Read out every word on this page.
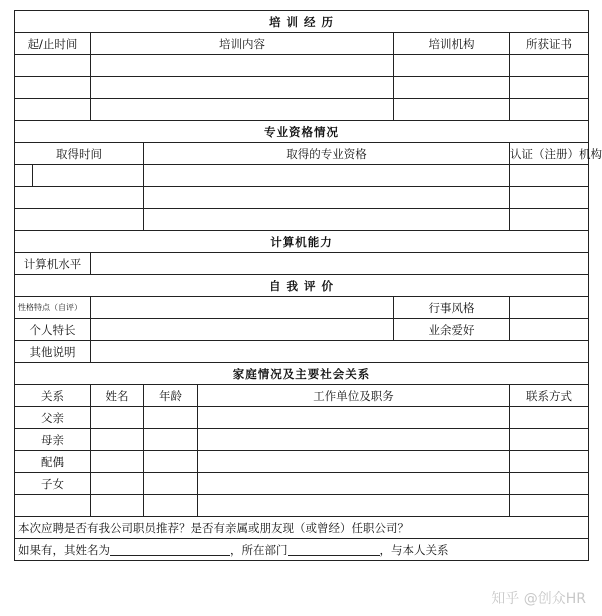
培 训 经 历						
起/止时间		培训内容			培训机构	所获证书

专业资格情况						
取得时间			取得的专业资格			认证（注册）机构

计算机能力						
计算机水平						
自 我 评 价						
性格特点（自评）					行事风格	
个人特长					业余爱好	
其他说明						
家庭情况及主要社会关系						
关系		姓名	年龄	工作单位及职务		联系方式
父亲						
母亲						
配偶						
子女						

本次应聘是否有我公司职员推荐？是否有亲属或朋友现（或曾经）任职公司？						
如果有，其姓名为 ，所在部门 ，与本人关系						
知乎 @创众HR
